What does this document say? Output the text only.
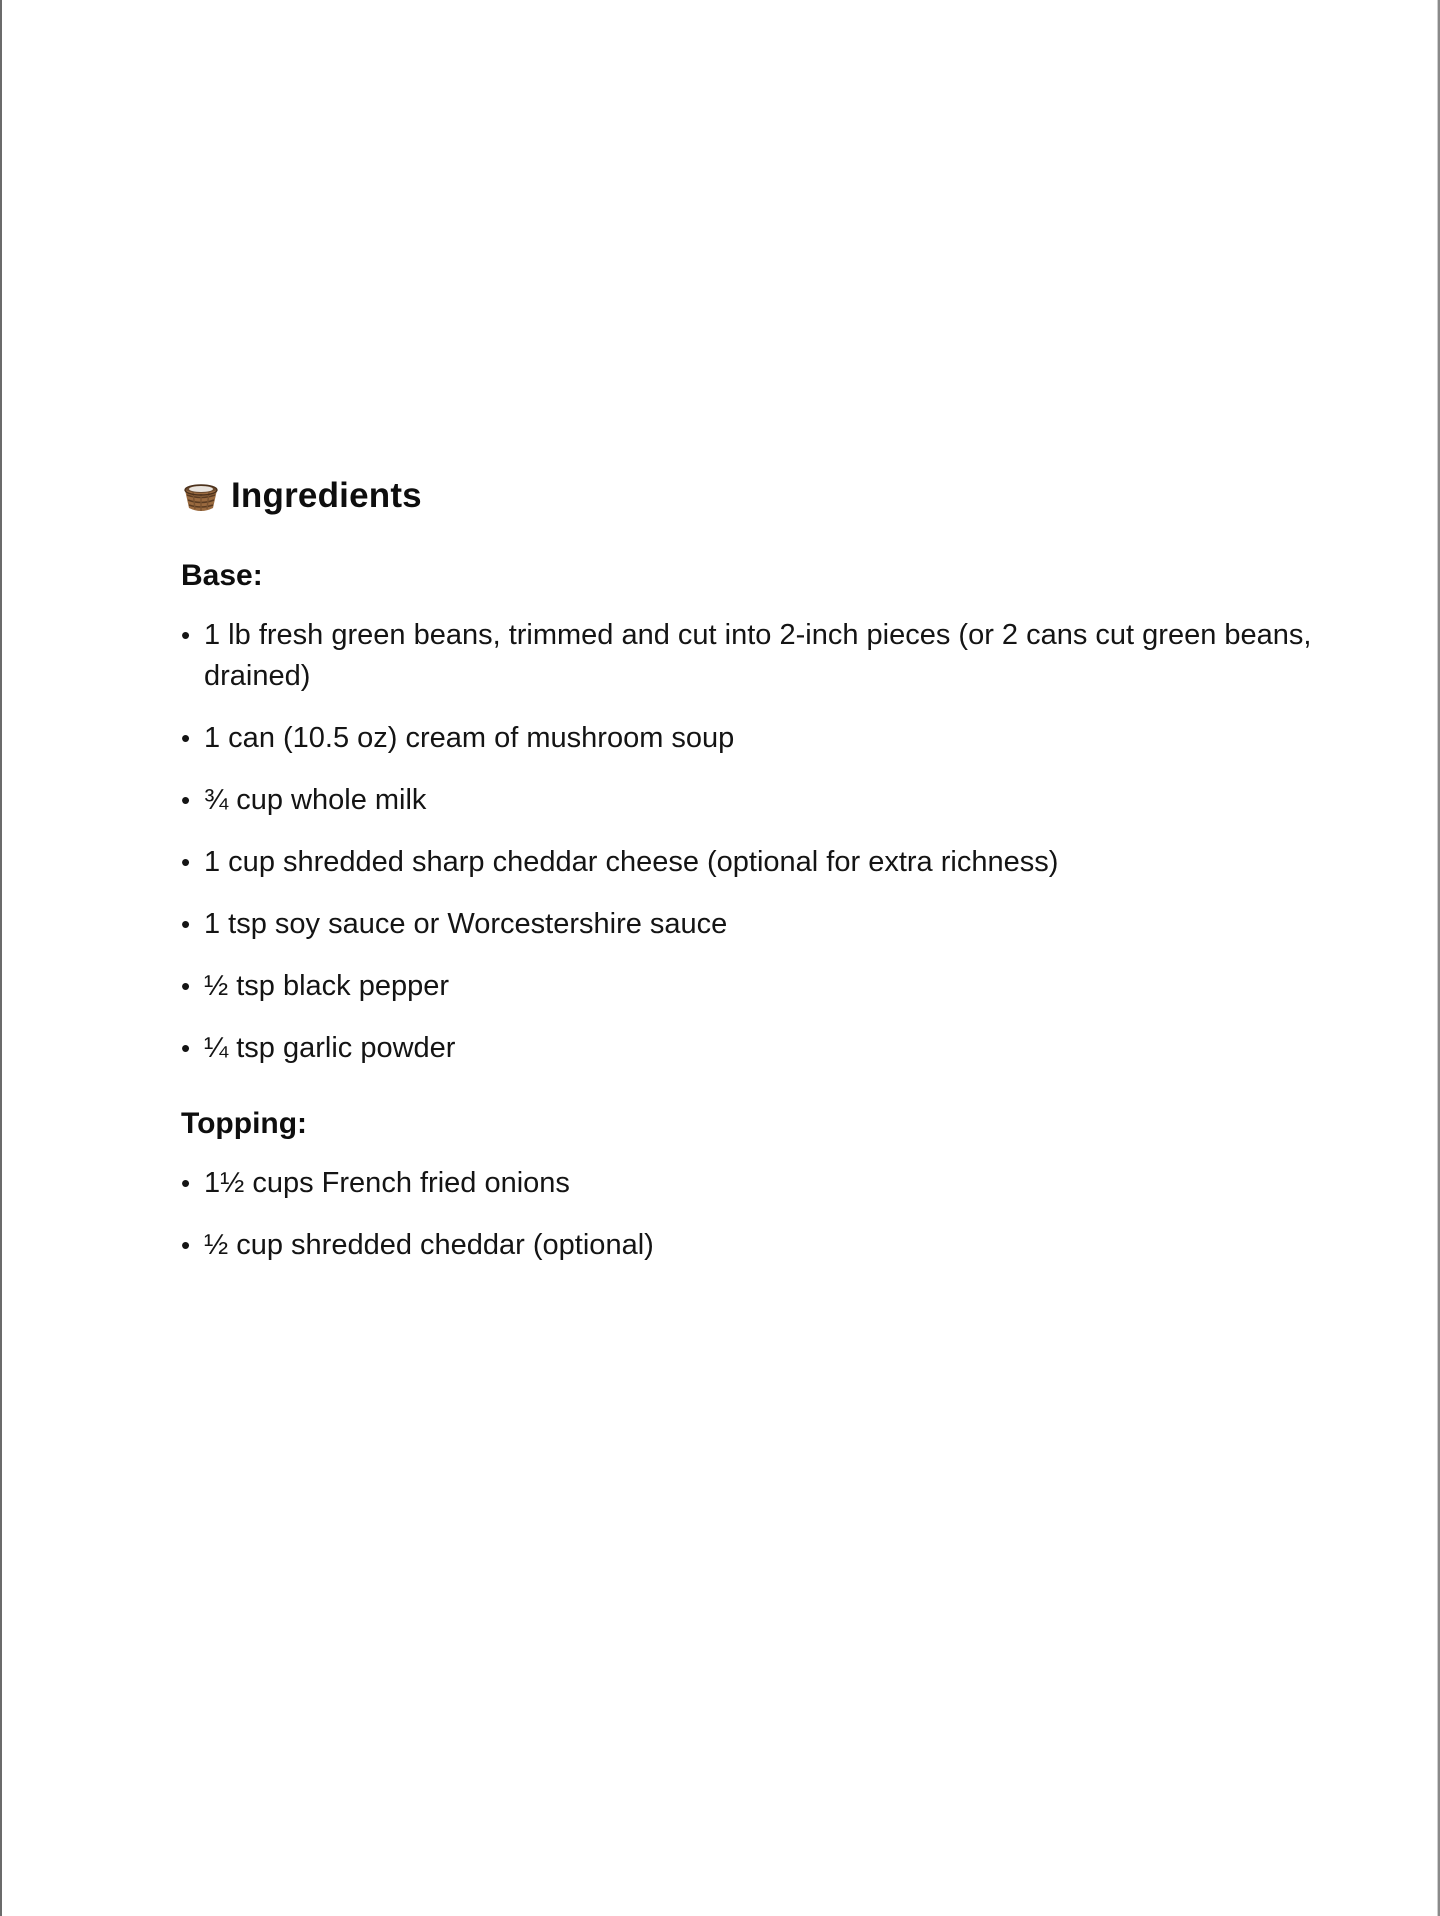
Ingredients

Base:

• 1 lb fresh green beans, trimmed and cut into 2-inch pieces (or 2 cans cut green beans, drained)
• 1 can (10.5 oz) cream of mushroom soup
• ¾ cup whole milk
• 1 cup shredded sharp cheddar cheese (optional for extra richness)
• 1 tsp soy sauce or Worcestershire sauce
• ½ tsp black pepper
• ¼ tsp garlic powder

Topping:

• 1½ cups French fried onions
• ½ cup shredded cheddar (optional)
